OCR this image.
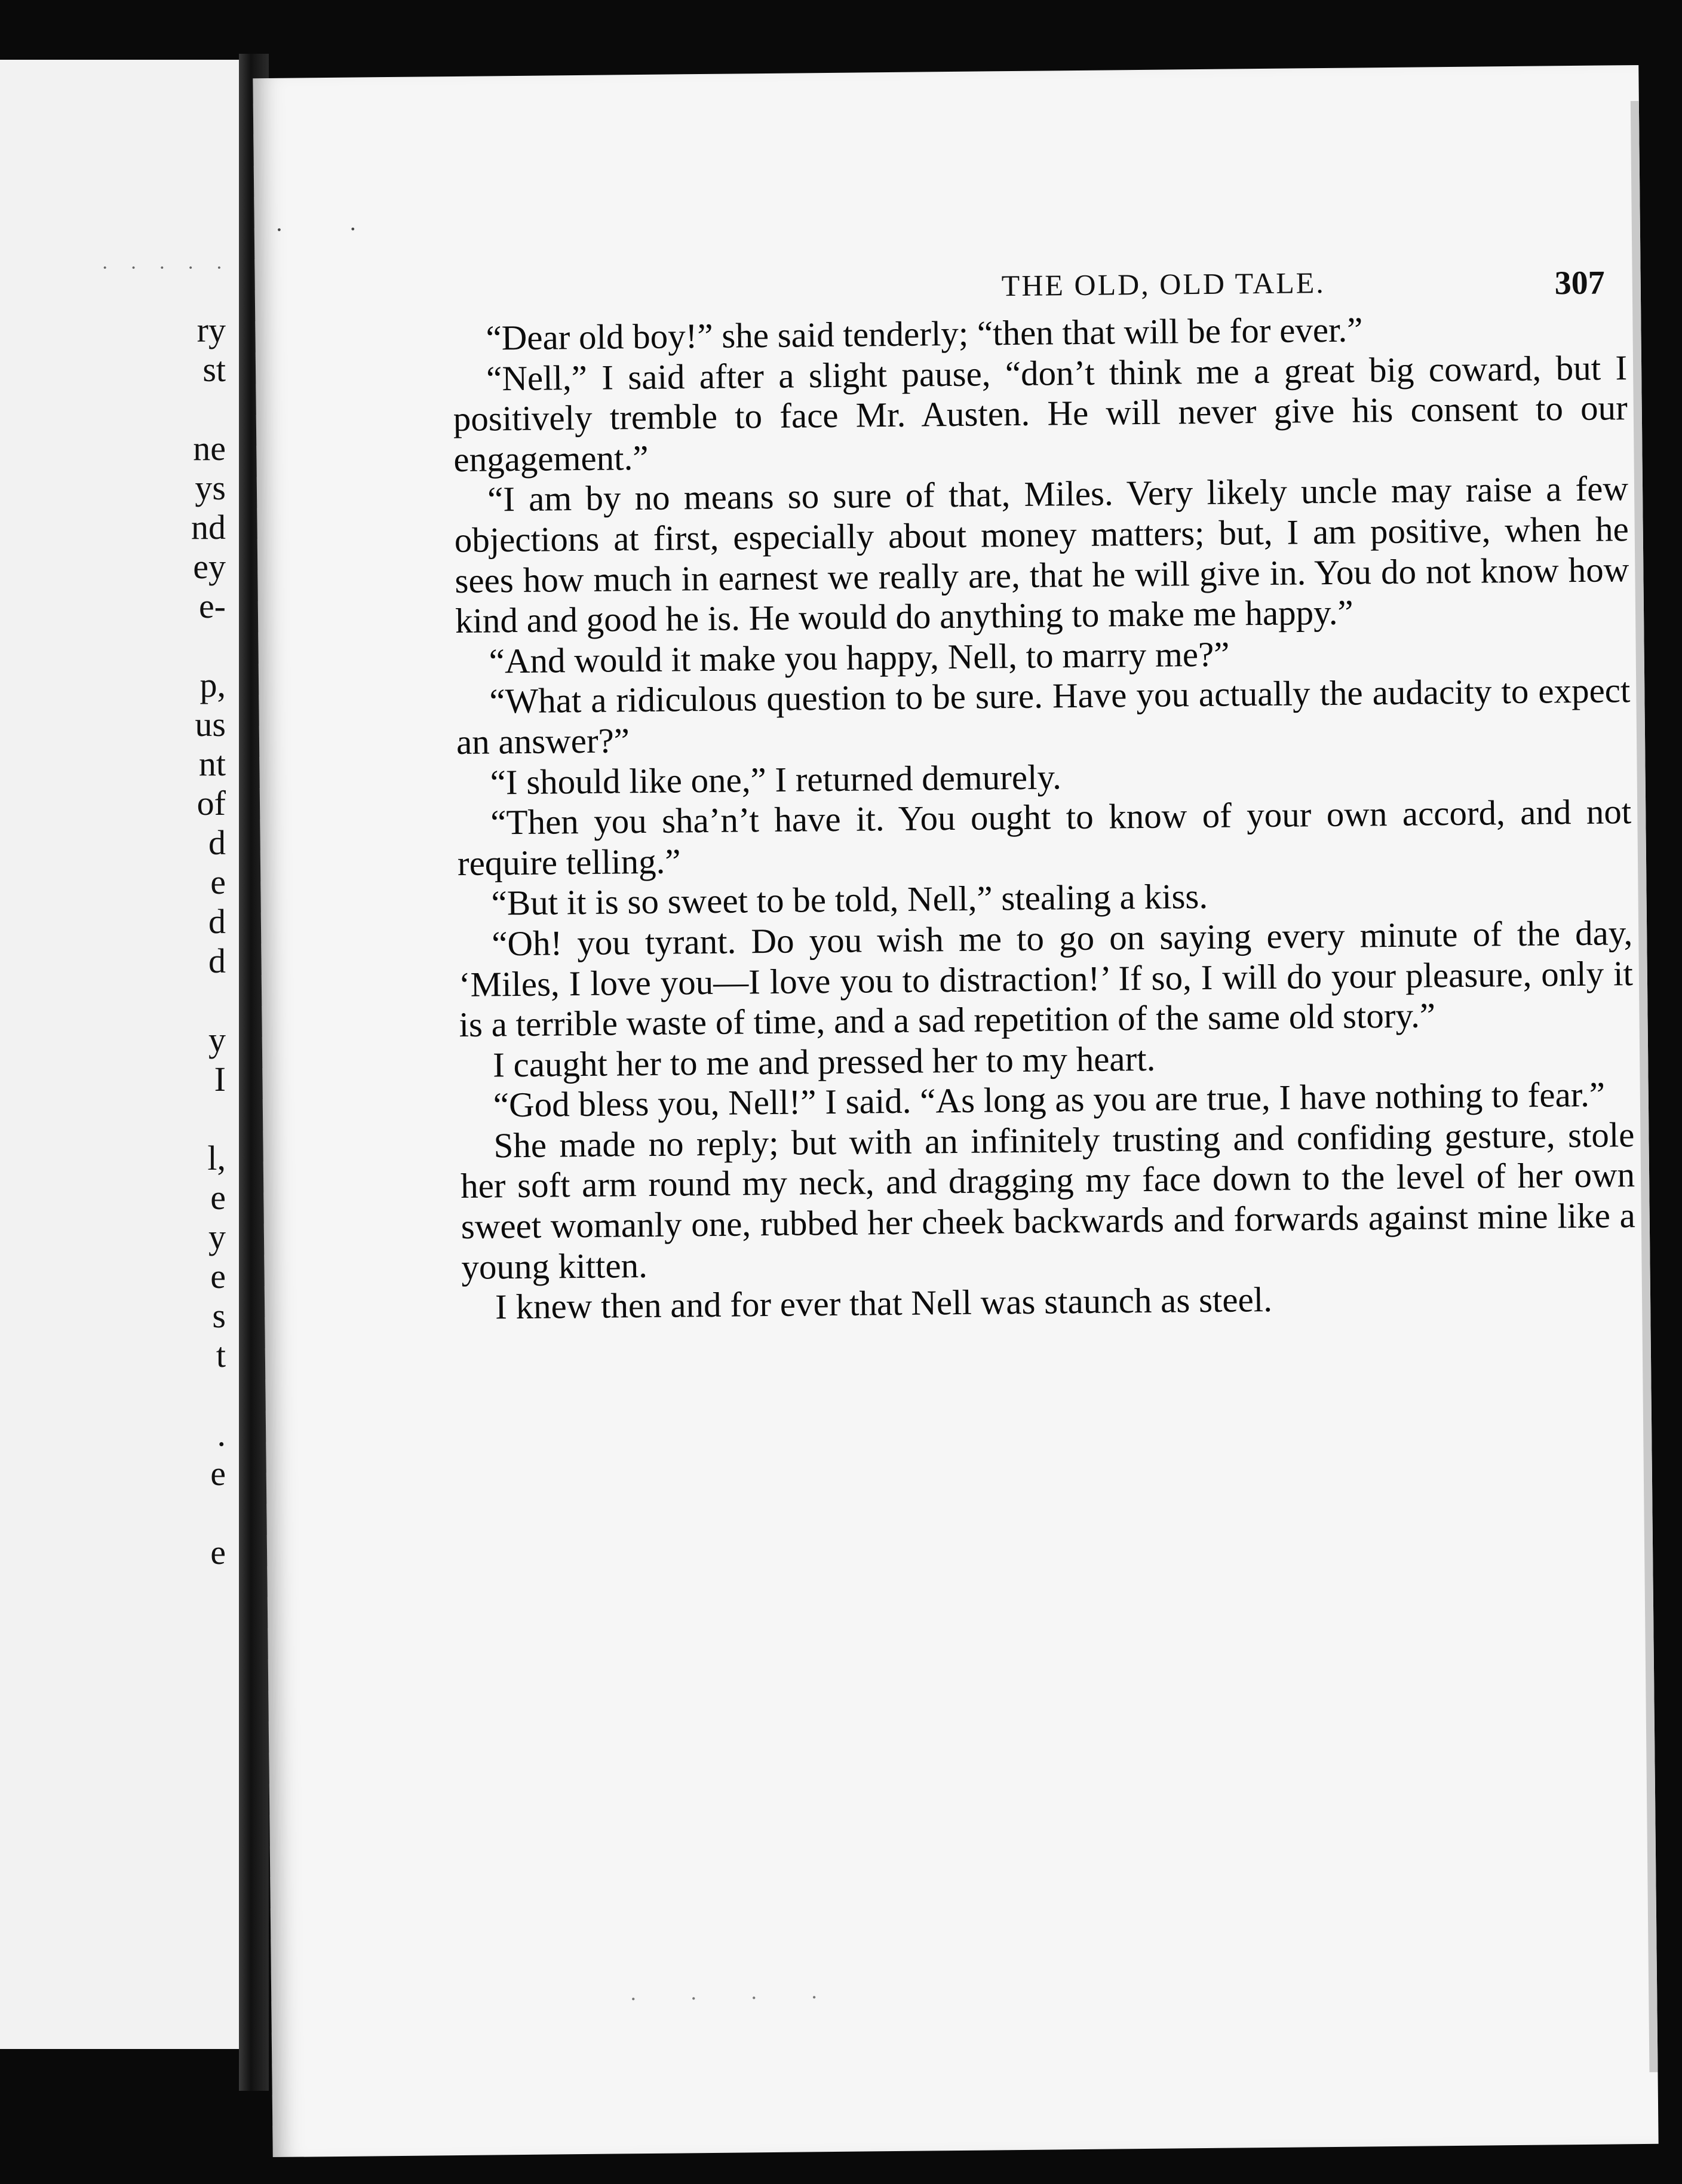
· · · · ·
ry
st
ne
ys
nd
ey
e-
p,
us
nt
of
d
e
d
d
y
I
l,
e
y
e
s
t
.
e
e
· ·
THE OLD, OLD TALE.	307

“Dear old boy!” she said tenderly; “then that will be for ever.”

“Nell,” I said after a slight pause, “don’t think me a great big coward, but I positively tremble to face Mr. Austen. He will never give his consent to our engagement.”

“I am by no means so sure of that, Miles. Very likely uncle may raise a few objections at first, especially about money matters; but, I am positive, when he sees how much in earnest we really are, that he will give in. You do not know how kind and good he is. He would do anything to make me happy.”

“And would it make you happy, Nell, to marry me?”

“What a ridiculous question to be sure. Have you actually the audacity to expect an answer?”

“I should like one,” I returned demurely.

“Then you sha’n’t have it. You ought to know of your own accord, and not require telling.”

“But it is so sweet to be told, Nell,” stealing a kiss.

“Oh! you tyrant. Do you wish me to go on saying every minute of the day, ‘Miles, I love you—I love you to distraction!’ If so, I will do your pleasure, only it is a terrible waste of time, and a sad repetition of the same old story.”

I caught her to me and pressed her to my heart.

“God bless you, Nell!” I said. “As long as you are true, I have nothing to fear.”

She made no reply; but with an infinitely trusting and confiding gesture, stole her soft arm round my neck, and dragging my face down to the level of her own sweet womanly one, rubbed her cheek backwards and forwards against mine like a young kitten.

I knew then and for ever that Nell was staunch as steel.

· · · ·
